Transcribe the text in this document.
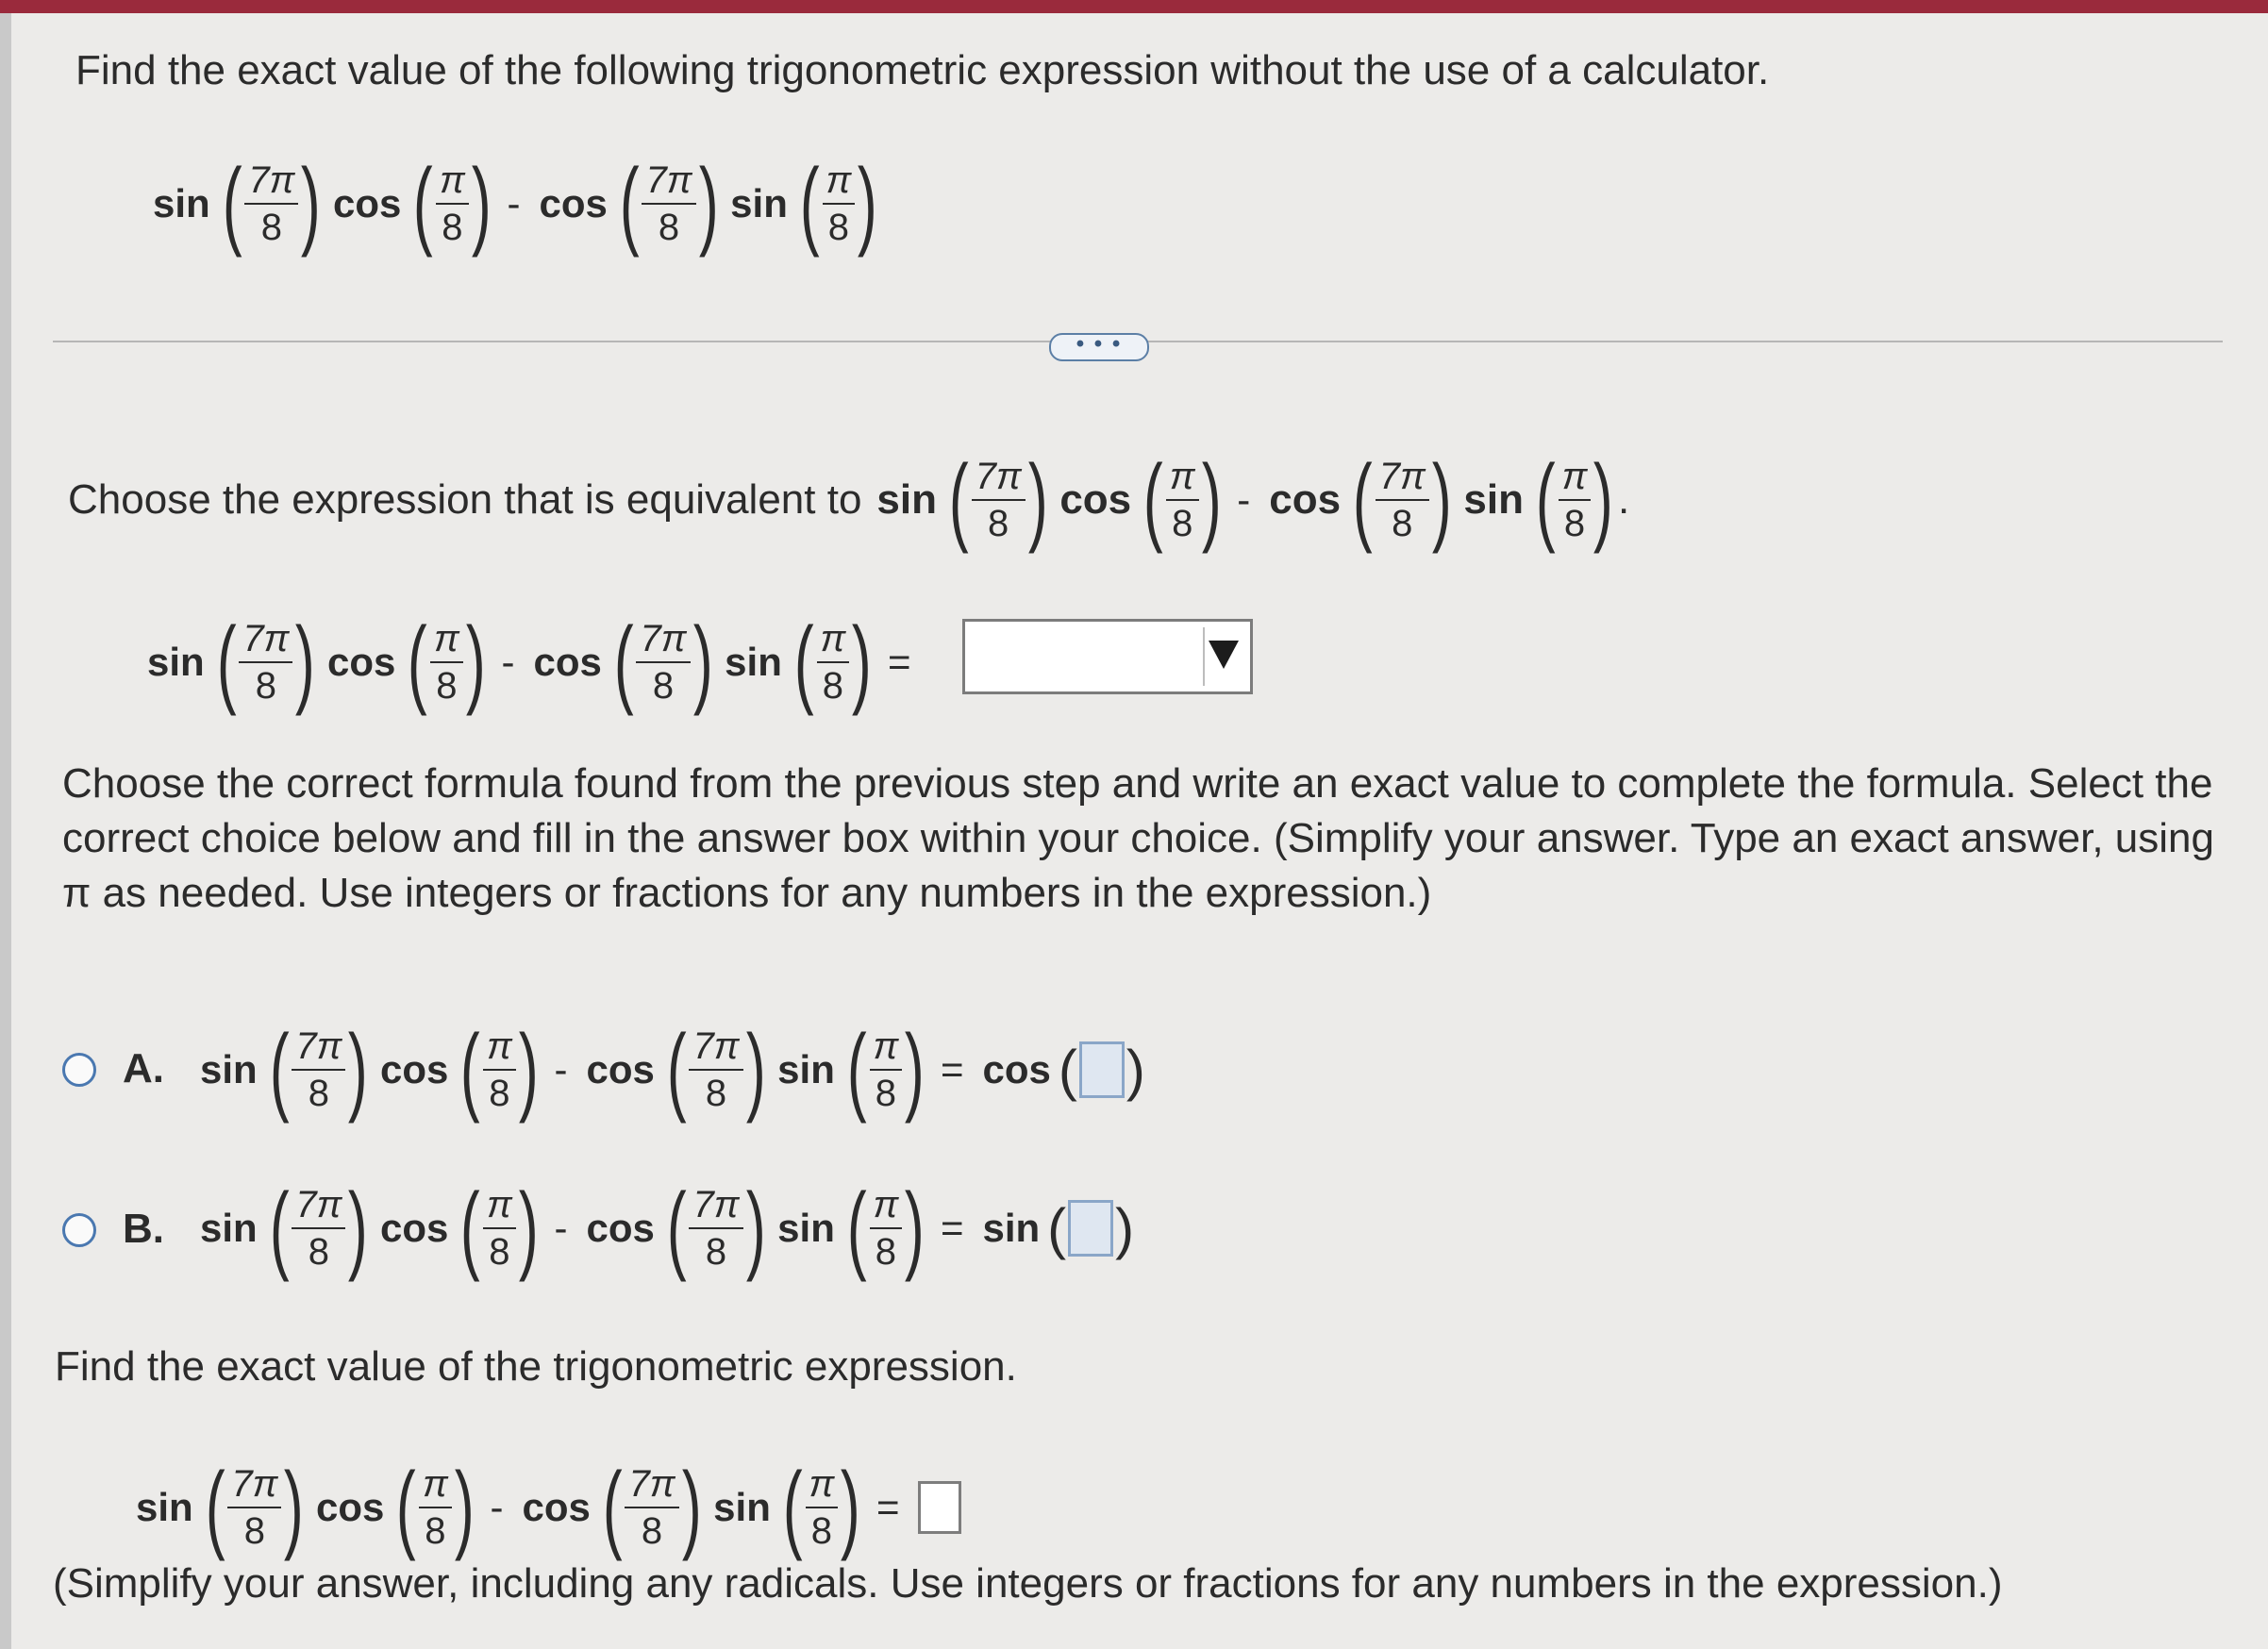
Find the exact value of the following trigonometric expression without the use of a calculator.
sin ( $\frac{7\pi}{8}$ ) cos ( $\frac{\pi}{8}$ ) - cos ( $\frac{7\pi}{8}$ ) sin ( $\frac{\pi}{8}$ )
• • •
Choose the expression that is equivalent to sin ( $\frac{7\pi}{8}$ ) cos ( $\frac{\pi}{8}$ ) - cos ( $\frac{7\pi}{8}$ ) sin ( $\frac{\pi}{8}$ ) .
sin ( $\frac{7\pi}{8}$ ) cos ( $\frac{\pi}{8}$ ) - cos ( $\frac{7\pi}{8}$ ) sin ( $\frac{\pi}{8}$ ) =
Choose the correct formula found from the previous step and write an exact value to complete the formula. Select the
correct choice below and fill in the answer box within your choice. (Simplify your answer. Type an exact answer, using
π as needed. Use integers or fractions for any numbers in the expression.)
A. sin ( $\frac{7\pi}{8}$ ) cos ( $\frac{\pi}{8}$ ) - cos ( $\frac{7\pi}{8}$ ) sin ( $\frac{\pi}{8}$ ) = cos ( )
B. sin ( $\frac{7\pi}{8}$ ) cos ( $\frac{\pi}{8}$ ) - cos ( $\frac{7\pi}{8}$ ) sin ( $\frac{\pi}{8}$ ) = sin ( )
Find the exact value of the trigonometric expression.
sin ( $\frac{7\pi}{8}$ ) cos ( $\frac{\pi}{8}$ ) - cos ( $\frac{7\pi}{8}$ ) sin ( $\frac{\pi}{8}$ ) =
(Simplify your answer, including any radicals. Use integers or fractions for any numbers in the expression.)
